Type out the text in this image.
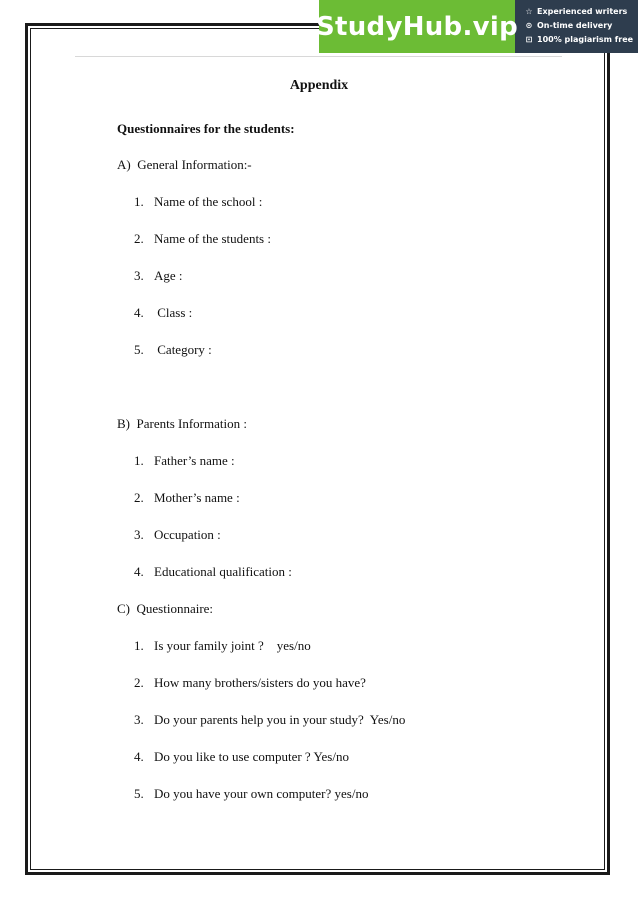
StudyHub.vip ☆ Experienced writers
⊙ On-time delivery
⊡ 100% plagiarism free
Appendix
Questionnaires for the students:
A)  General Information:-
1. Name of the school :
2. Name of the students :
3. Age :
4. Class :
5. Category :
B)  Parents Information :
1. Father’s name :
2. Mother’s name :
3. Occupation :
4. Educational qualification :
C)  Questionnaire:
1. Is your family joint ?    yes/no
2. How many brothers/sisters do you have?
3. Do your parents help you in your study?  Yes/no
4. Do you like to use computer ? Yes/no
5. Do you have your own computer? yes/no
